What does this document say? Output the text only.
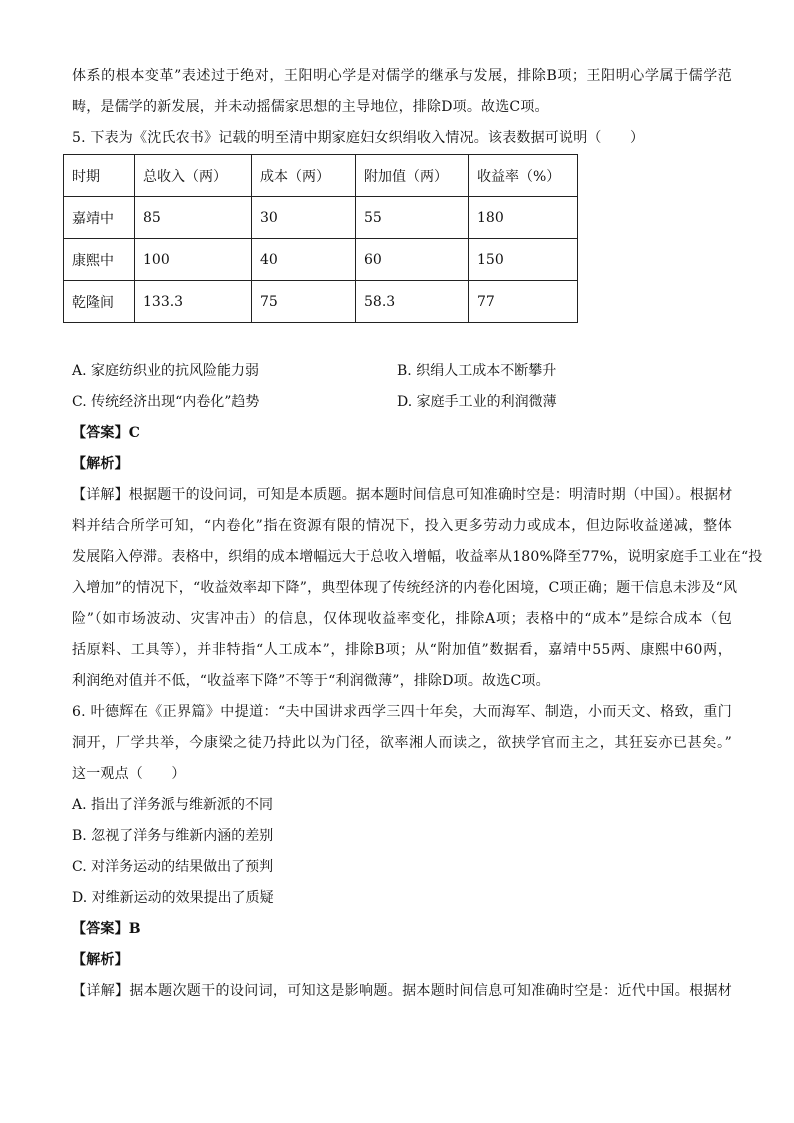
体系的根本变革”表述过于绝对，王阳明心学是对儒学的继承与发展，排除B项；王阳明心学属于儒学范
畴，是儒学的新发展，并未动摇儒家思想的主导地位，排除D项。故选C项。
5. 下表为《沈氏农书》记载的明至清中期家庭妇女织绢收入情况。该表数据可说明（　　）
时期	总收入（两）	成本（两）	附加值（两）	收益率（%）
嘉靖中	85	30	55	180
康熙中	100	40	60	150
乾隆间	133.3	75	58.3	77
A. 家庭纺织业的抗风险能力弱	B. 织绢人工成本不断攀升
C. 传统经济出现“内卷化”趋势	D. 家庭手工业的利润微薄
【答案】C
【解析】
【详解】根据题干的设问词，可知是本质题。据本题时间信息可知准确时空是：明清时期（中国）。根据材
料并结合所学可知，“内卷化”指在资源有限的情况下，投入更多劳动力或成本，但边际收益递减，整体
发展陷入停滞。表格中，织绢的成本增幅远大于总收入增幅，收益率从180%降至77%，说明家庭手工业在“投
入增加”的情况下，“收益效率却下降”，典型体现了传统经济的内卷化困境，C项正确；题干信息未涉及“风
险”（如市场波动、灾害冲击）的信息，仅体现收益率变化，排除A项；表格中的“成本”是综合成本（包
括原料、工具等），并非特指“人工成本”，排除B项；从“附加值”数据看，嘉靖中55两、康熙中60两，
利润绝对值并不低，“收益率下降”不等于“利润微薄”，排除D项。故选C项。
6. 叶德辉在《正界篇》中提道：“夫中国讲求西学三四十年矣，大而海军、制造，小而天文、格致，重门
洞开，厂学共举，今康梁之徒乃持此以为门径，欲率湘人而读之，欲挟学官而主之，其狂妄亦已甚矣。”
这一观点（　　）
A. 指出了洋务派与维新派的不同
B. 忽视了洋务与维新内涵的差别
C. 对洋务运动的结果做出了预判
D. 对维新运动的效果提出了质疑
【答案】B
【解析】
【详解】据本题次题干的设问词，可知这是影响题。据本题时间信息可知准确时空是：近代中国。根据材
